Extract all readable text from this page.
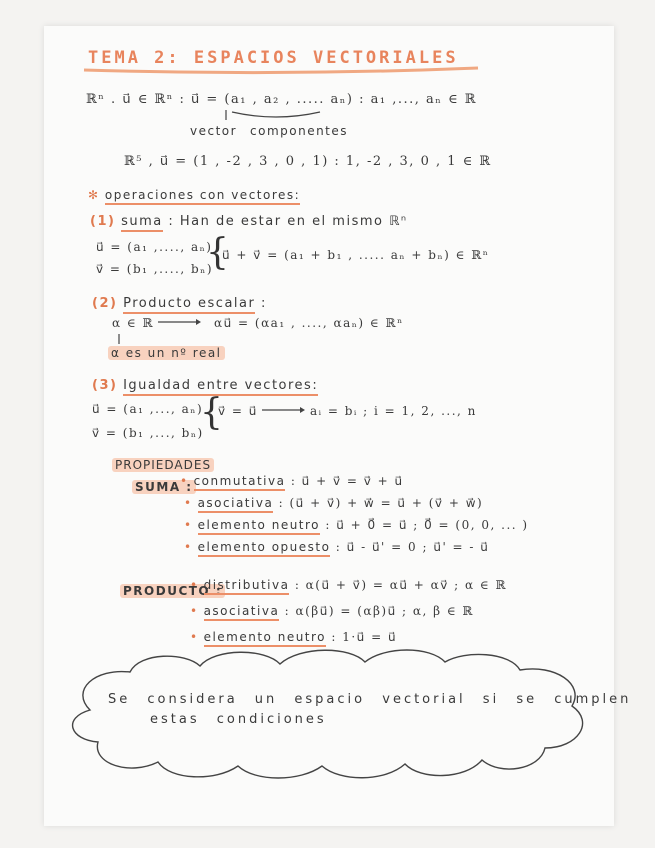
TEMA 2: ESPACIOS VECTORIALES
ℝⁿ . u⃗ ∈ ℝⁿ : u⃗ = (a₁ , a₂ , ..... aₙ) : a₁ ,..., aₙ ∈ ℝ
vector componentes
ℝ⁵ , u⃗ = (1 , -2 , 3 , 0 , 1) : 1, -2 , 3, 0 , 1 ∈ ℝ
✻ operaciones con vectores:
(1) suma : Han de estar en el mismo ℝⁿ
u⃗ = (a₁ ,...., aₙ)
v⃗ = (b₁ ,...., bₙ)
{
u⃗ + v⃗ = (a₁ + b₁ , ..... aₙ + bₙ) ∈ ℝⁿ
(2) Producto escalar :
α ∈ ℝ	αu⃗ = (αa₁ , ...., αaₙ) ∈ ℝⁿ
α es un nº real
(3) Igualdad entre vectores:
u⃗ = (a₁ ,..., aₙ)
v⃗ = (b₁ ,..., bₙ)
{
v⃗ = u⃗	aᵢ = bᵢ ; i = 1, 2, ..., n
PROPIEDADES
SUMA :
• conmutativa : u⃗ + v⃗ = v⃗ + u⃗
• asociativa : (u⃗ + v⃗) + w⃗ = u⃗ + (v⃗ + w⃗)
• elemento neutro : u⃗ + 0⃗ = u⃗ ; 0⃗ = (0, 0, ... )
• elemento opuesto : u⃗ - u⃗' = 0 ; u⃗' = - u⃗
PRODUCTO :
• distributiva : α(u⃗ + v⃗) = αu⃗ + αv⃗ ; α ∈ ℝ
• asociativa : α(βu⃗) = (αβ)u⃗ ; α, β ∈ ℝ
• elemento neutro : 1·u⃗ = u⃗
Se considera un espacio vectorial si se cumplen
estas condiciones
